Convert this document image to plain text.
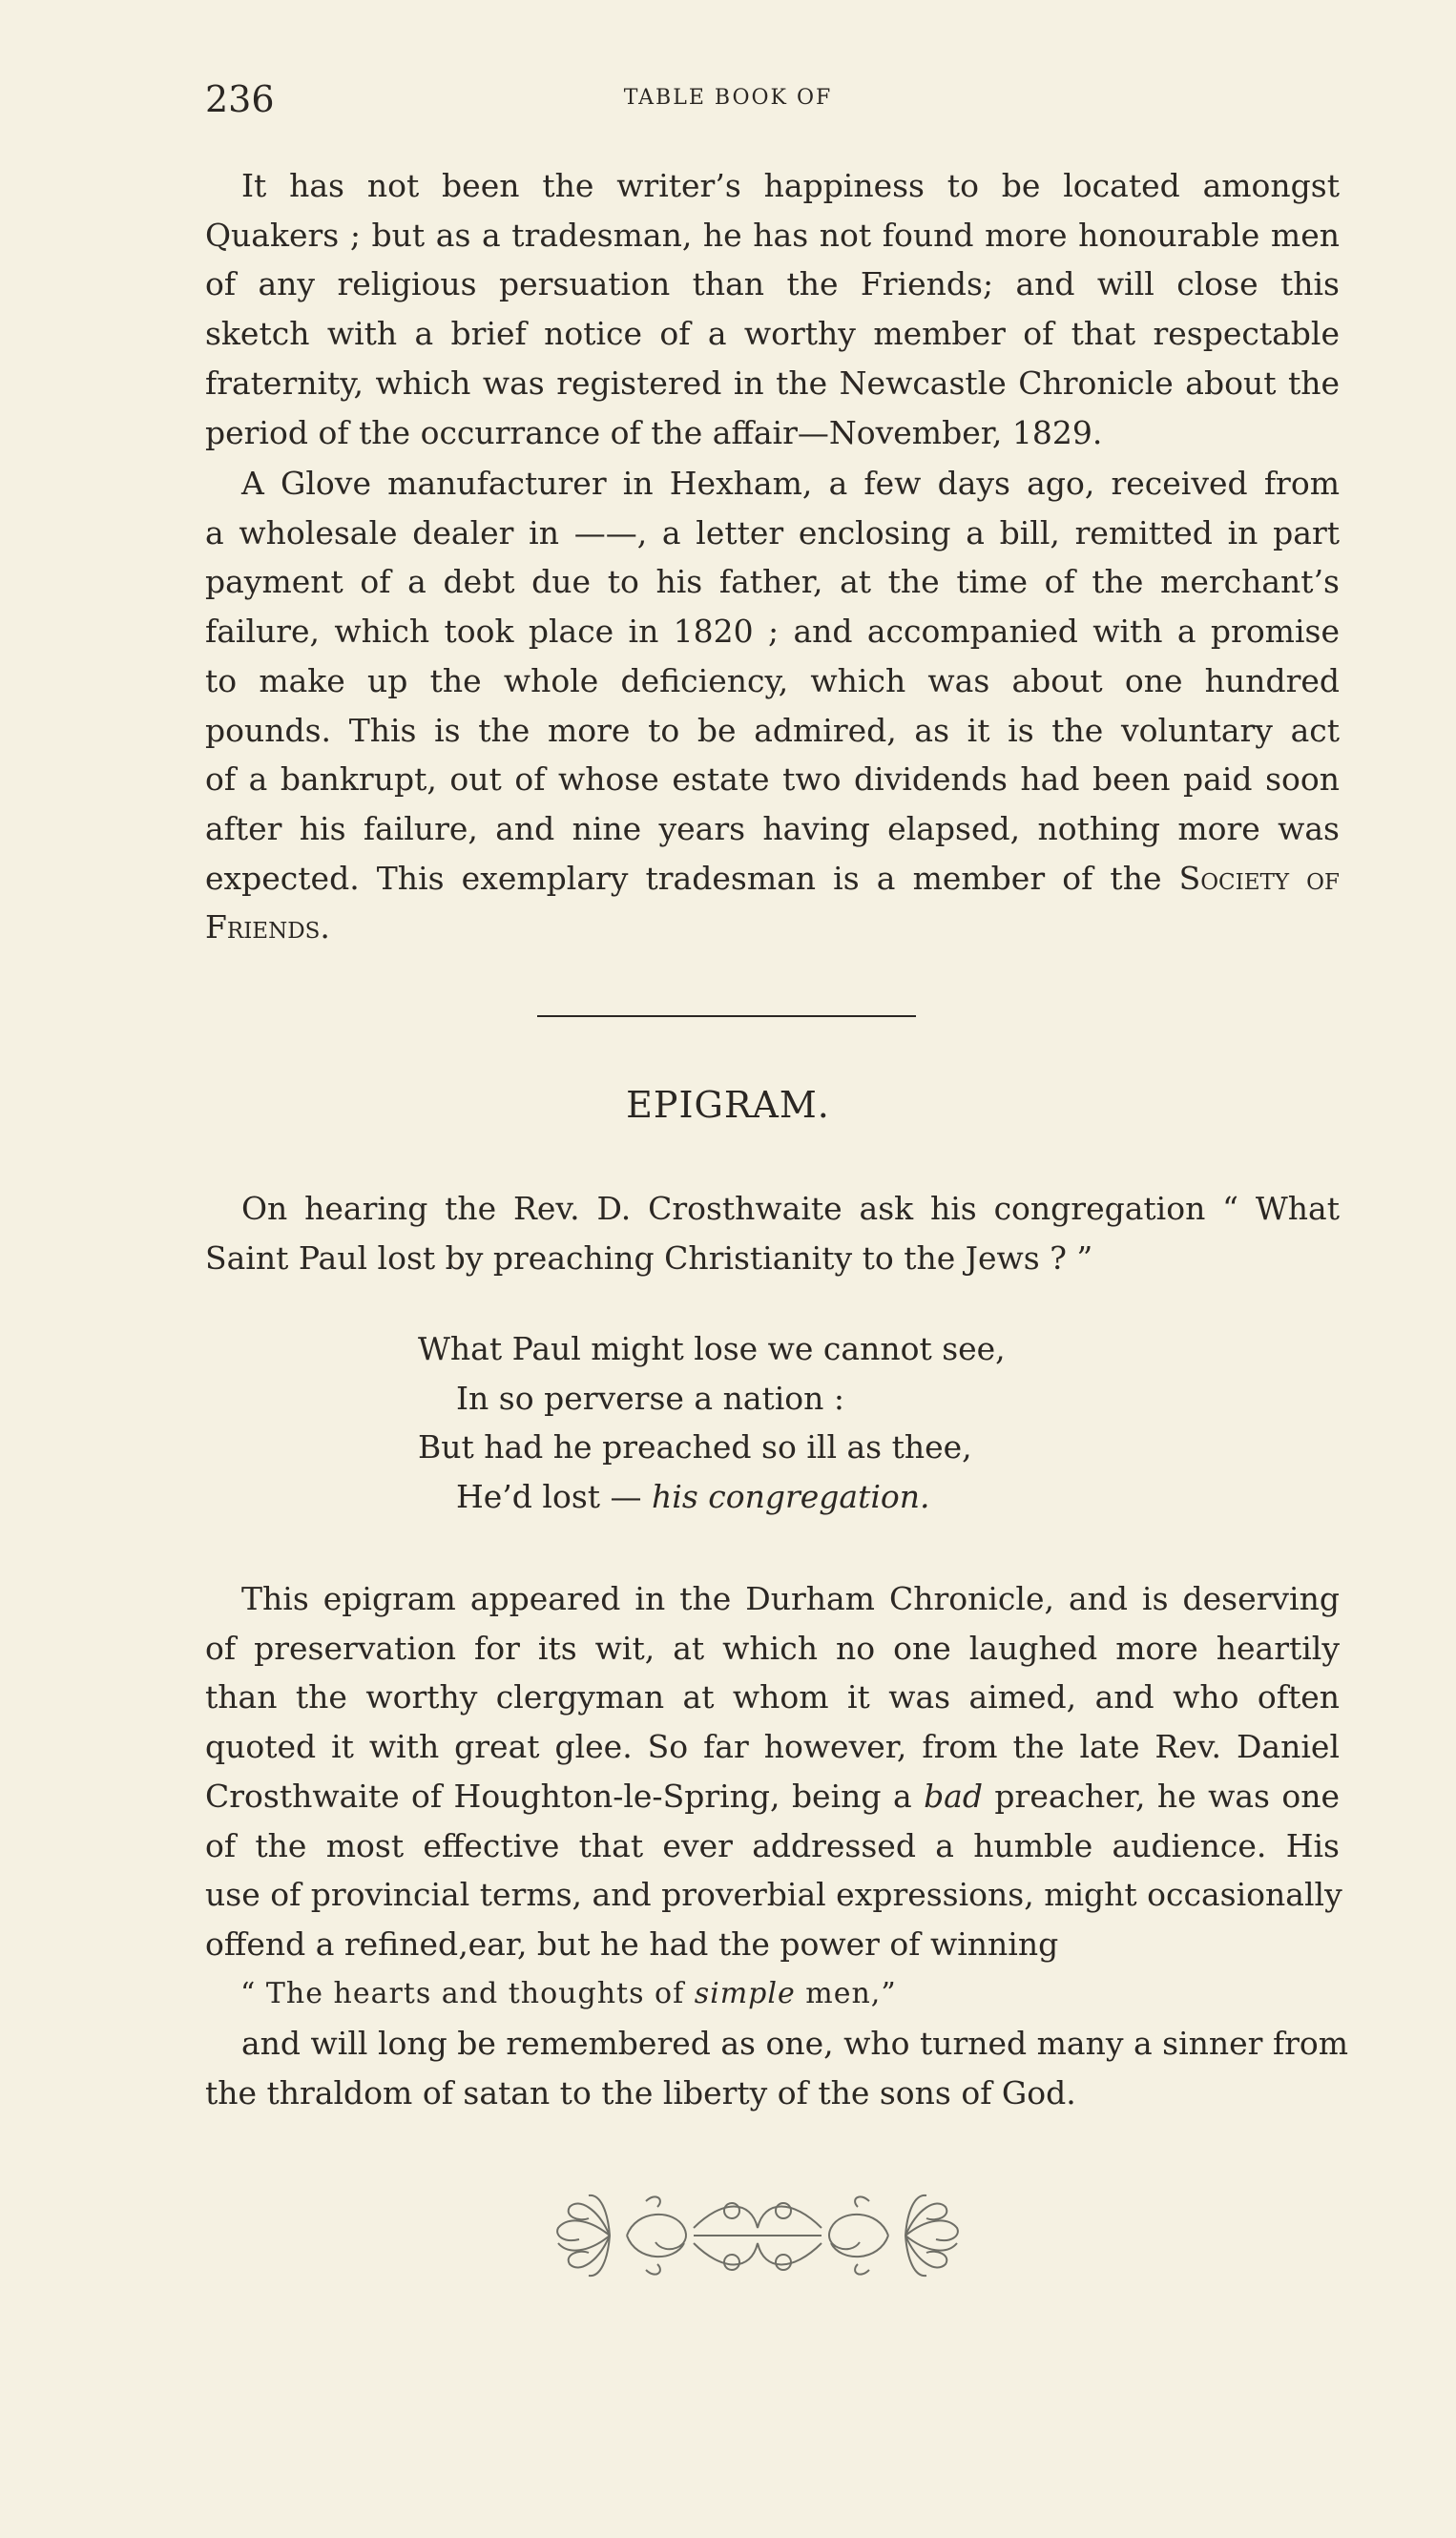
236	TABLE BOOK OF
It has not been the writer’s happiness to be located amongst
Quakers ; but as a tradesman, he has not found more honourable men
of any religious persuation than the Friends; and will close this
sketch with a brief notice of a worthy member of that respectable
fraternity, which was registered in the Newcastle Chronicle about the
period of the occurrance of the affair—November, 1829.
A Glove manufacturer in Hexham, a few days ago, received from
a wholesale dealer in ——, a letter enclosing a bill, remitted in part
payment of a debt due to his father, at the time of the merchant’s
failure, which took place in 1820 ; and accompanied with a promise
to make up the whole deficiency, which was about one hundred
pounds. This is the more to be admired, as it is the voluntary act
of a bankrupt, out of whose estate two dividends had been paid soon
after his failure, and nine years having elapsed, nothing more was
expected. This exemplary tradesman is a member of the Society of
Friends.
EPIGRAM.
On hearing the Rev. D. Crosthwaite ask his congregation “ What
Saint Paul lost by preaching Christianity to the Jews ? ”
What Paul might lose we cannot see,
In so perverse a nation :
But had he preached so ill as thee,
He’d lost — his congregation.
This epigram appeared in the Durham Chronicle, and is deserving
of preservation for its wit, at which no one laughed more heartily
than the worthy clergyman at whom it was aimed, and who often
quoted it with great glee. So far however, from the late Rev. Daniel
Crosthwaite of Houghton-le-Spring, being a bad preacher, he was one
of the most effective that ever addressed a humble audience. His
use of provincial terms, and proverbial expressions, might occasionally
offend a refined‚ear, but he had the power of winning
“ The hearts and thoughts of simple men,”
and will long be remembered as one, who turned many a sinner from
the thraldom of satan to the liberty of the sons of God.
